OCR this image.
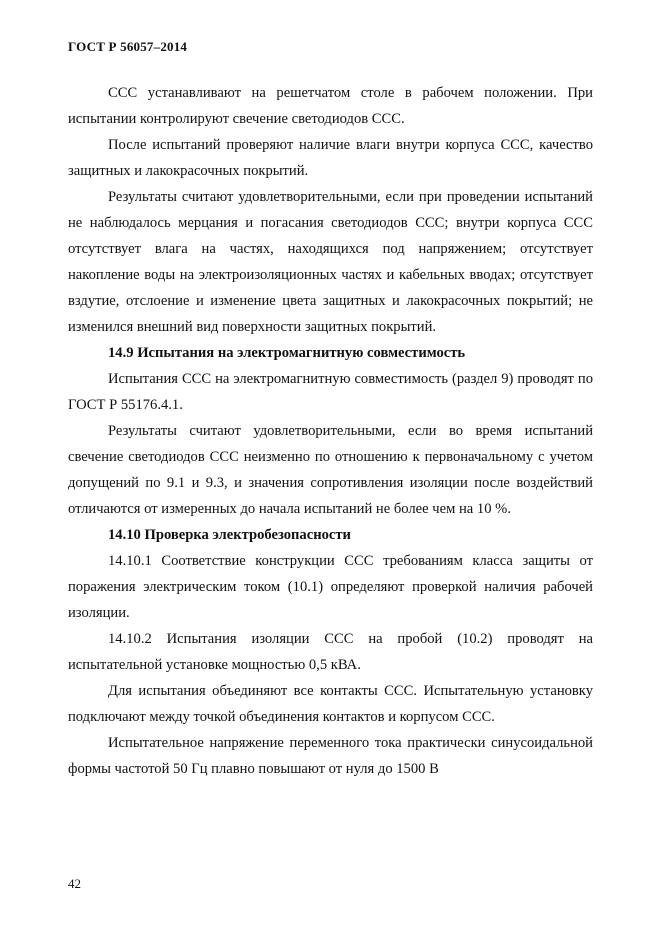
ГОСТ Р 56057–2014

ССС устанавливают на решетчатом столе в рабочем положении. При испытании контролируют свечение светодиодов ССС.

После испытаний проверяют наличие влаги внутри корпуса ССС, качество защитных и лакокрасочных покрытий.

Результаты считают удовлетворительными, если при проведении испытаний не наблюдалось мерцания и погасания светодиодов ССС; внутри корпуса ССС отсутствует влага на частях, находящихся под напряжением; отсутствует накопление воды на электроизоляционных частях и кабельных вводах; отсутствует вздутие, отслоение и изменение цвета защитных и лакокрасочных покрытий; не изменился внешний вид поверхности защитных покрытий.

14.9 Испытания на электромагнитную совместимость

Испытания ССС на электромагнитную совместимость (раздел 9) проводят по ГОСТ Р 55176.4.1.

Результаты считают удовлетворительными, если во время испытаний свечение светодиодов ССС неизменно по отношению к первоначальному с учетом допущений по 9.1 и 9.3, и значения сопротивления изоляции после воздействий отличаются от измеренных до начала испытаний не более чем на 10 %.

14.10 Проверка электробезопасности

14.10.1 Соответствие конструкции ССС требованиям класса защиты от поражения электрическим током (10.1) определяют проверкой наличия рабочей изоляции.

14.10.2 Испытания изоляции ССС на пробой (10.2) проводят на испытательной установке мощностью 0,5 кВА.

Для испытания объединяют все контакты ССС. Испытательную установку подключают между точкой объединения контактов и корпусом ССС.

Испытательное напряжение переменного тока практически синусоидальной формы частотой 50 Гц плавно повышают от нуля до 1500 В

42
